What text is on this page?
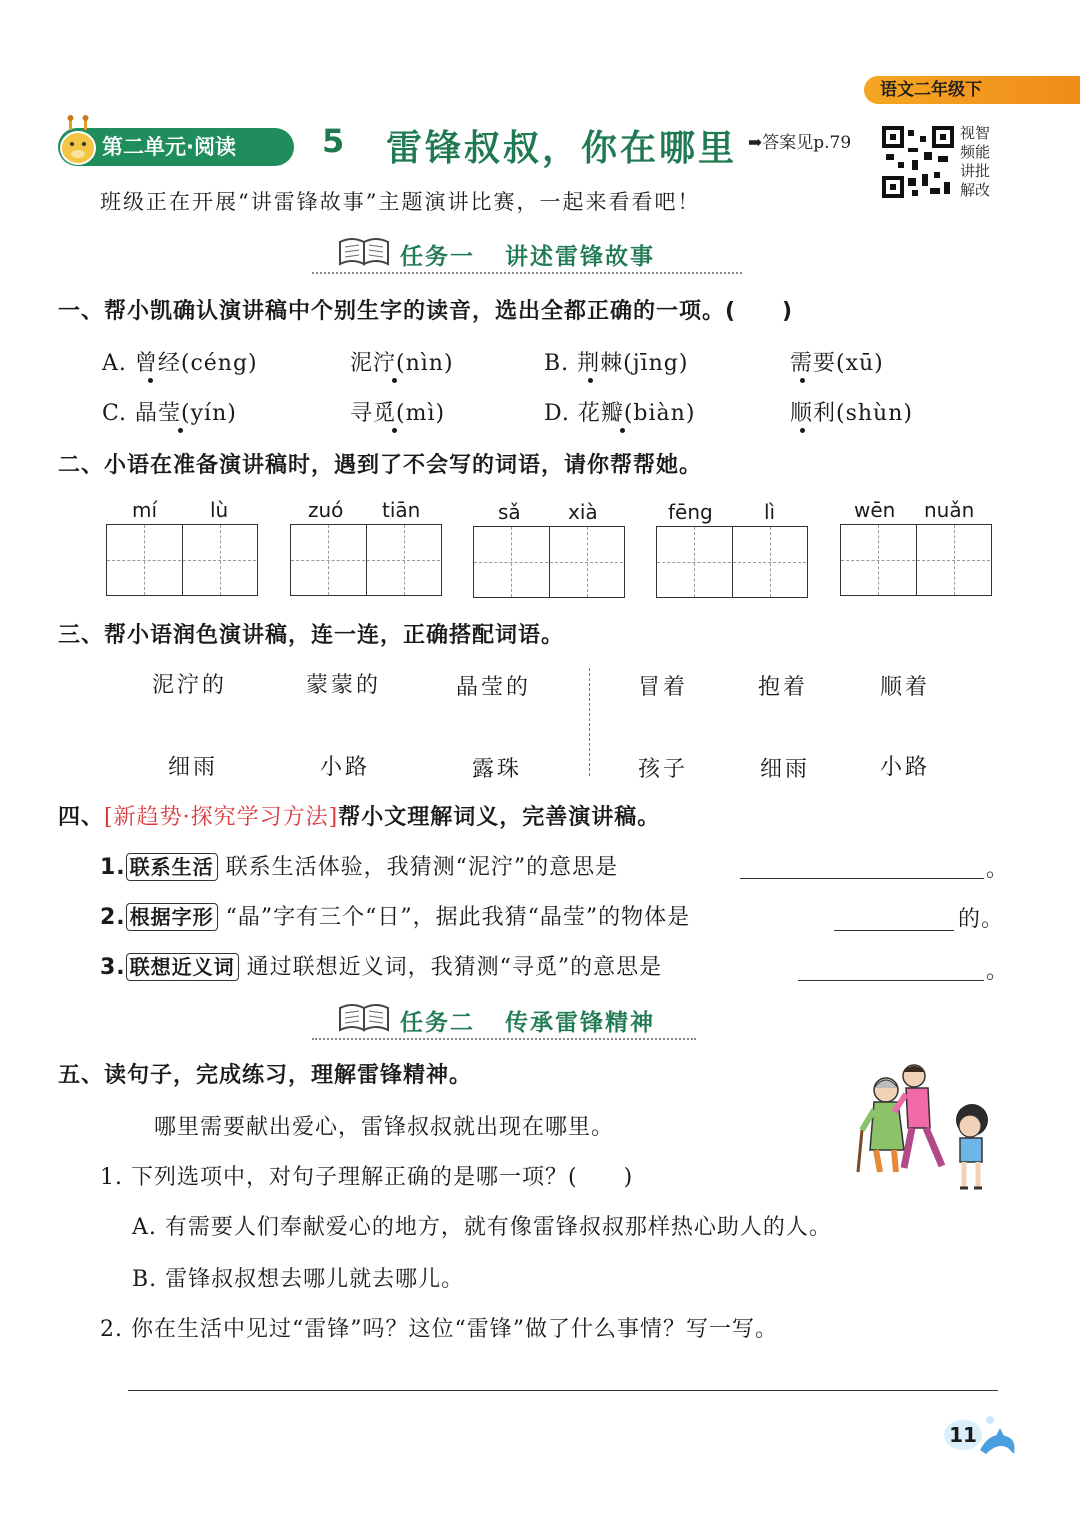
语文二年级下
第二单元·阅读	5 雷锋叔叔，你在哪里 ➡答案见p.79	视智 频能 讲批 解改
班级正在开展“讲雷锋故事”主题演讲比赛，一起来看看吧！
任务一 讲述雷锋故事
一、帮小凯确认演讲稿中个别生字的读音，选出全都正确的一项。(　　)
A. 曾经(céng)	泥泞(nìn)	B. 荆棘(jīng)	需要(xū)
C. 晶莹(yín)	寻觅(mì)	D. 花瓣(biàn)	顺利(shùn)
二、小语在准备演讲稿时，遇到了不会写的词语，请你帮帮她。
mí	lù	zuó tiān	sǎ xià	fēng	lì	wēn nuǎn
三、帮小语润色演讲稿，连一连，正确搭配词语。
泥泞的	蒙蒙的	晶莹的	冒着	抱着	顺着
细雨	小路	露珠	孩子	细雨	小路
四、[新趋势·探究学习方法]帮小文理解词义，完善演讲稿。
1. 联系生活 联系生活体验，我猜测“泥泞”的意思是	。
2. 根据字形 “晶”字有三个“日”，据此我猜“晶莹”的物体是	的。
3. 联想近义词 通过联想近义词，我猜测“寻觅”的意思是	。
任务二 传承雷锋精神
五、读句子，完成练习，理解雷锋精神。
哪里需要献出爱心，雷锋叔叔就出现在哪里。
1. 下列选项中，对句子理解正确的是哪一项？(　　)
A. 有需要人们奉献爱心的地方，就有像雷锋叔叔那样热心助人的人。
B. 雷锋叔叔想去哪儿就去哪儿。
2. 你在生活中见过“雷锋”吗？这位“雷锋”做了什么事情？写一写。
11
